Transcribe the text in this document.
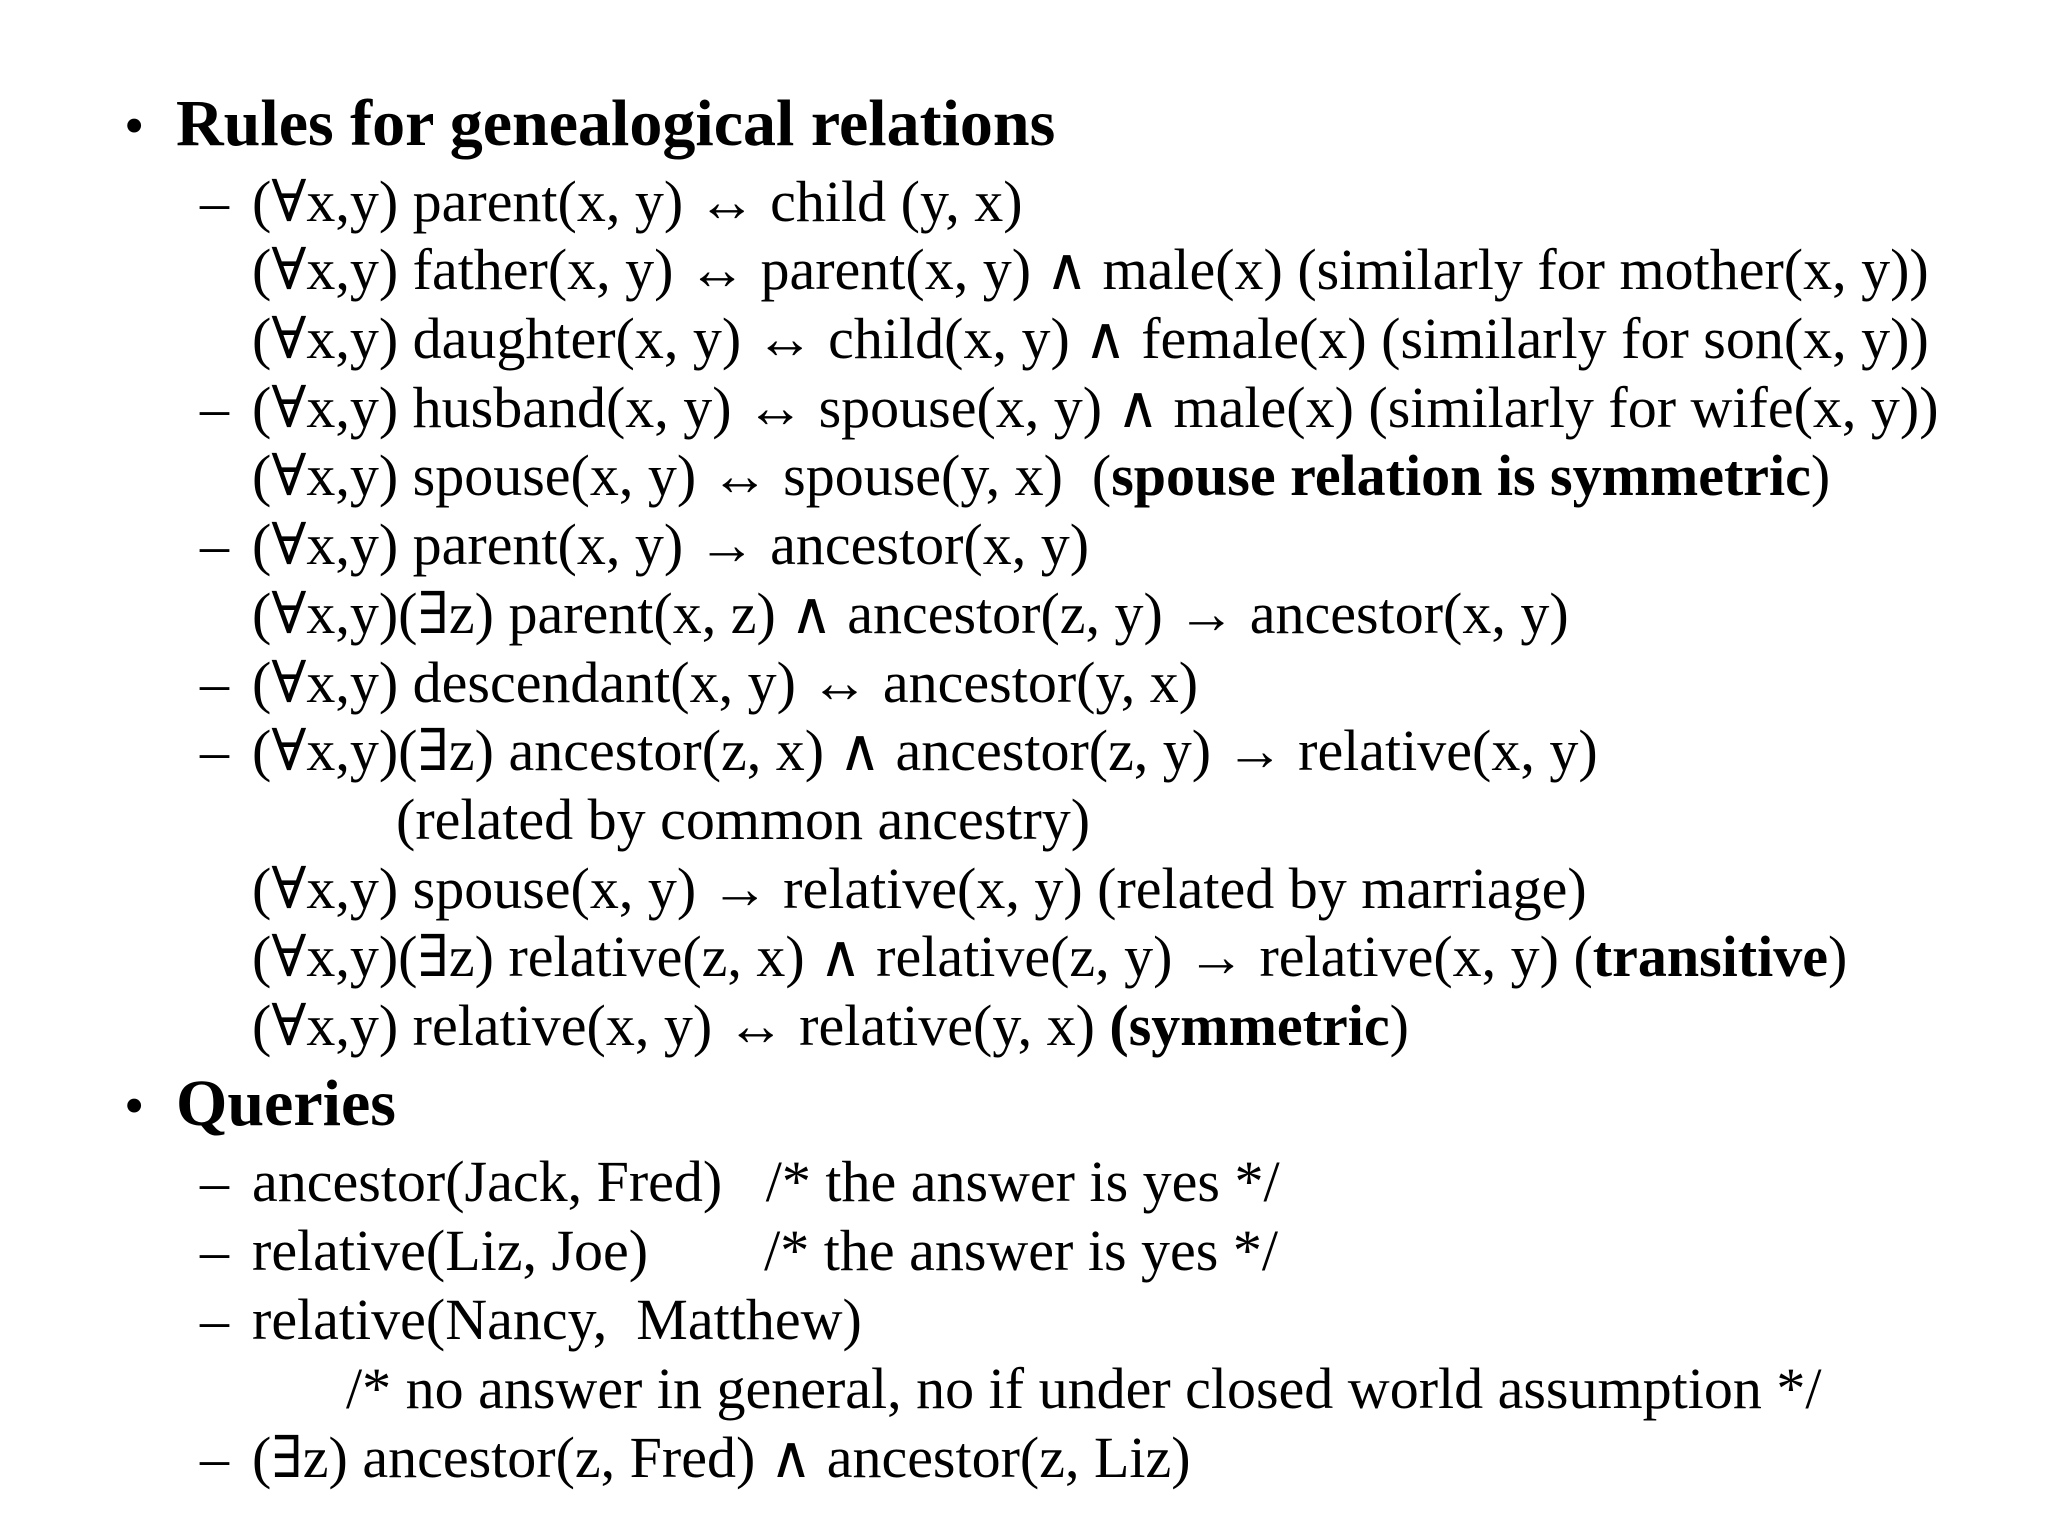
• Rules for genealogical relations
– (∀x,y) parent(x, y) ↔ child (y, x)
(∀x,y) father(x, y) ↔ parent(x, y) ∧ male(x) (similarly for mother(x, y))
(∀x,y) daughter(x, y) ↔ child(x, y) ∧ female(x) (similarly for son(x, y))
– (∀x,y) husband(x, y) ↔ spouse(x, y) ∧ male(x) (similarly for wife(x, y))
(∀x,y) spouse(x, y) ↔ spouse(y, x)  (spouse relation is symmetric)
– (∀x,y) parent(x, y) → ancestor(x, y)
(∀x,y)(∃z) parent(x, z) ∧ ancestor(z, y) → ancestor(x, y)
– (∀x,y) descendant(x, y) ↔ ancestor(y, x)
– (∀x,y)(∃z) ancestor(z, x) ∧ ancestor(z, y) → relative(x, y)
(related by common ancestry)
(∀x,y) spouse(x, y) → relative(x, y) (related by marriage)
(∀x,y)(∃z) relative(z, x) ∧ relative(z, y) → relative(x, y) (transitive)
(∀x,y) relative(x, y) ↔ relative(y, x) (symmetric)
• Queries
– ancestor(Jack, Fred)   /* the answer is yes */
– relative(Liz, Joe)        /* the answer is yes */
– relative(Nancy,  Matthew)
/* no answer in general, no if under closed world assumption */
– (∃z) ancestor(z, Fred) ∧ ancestor(z, Liz)
